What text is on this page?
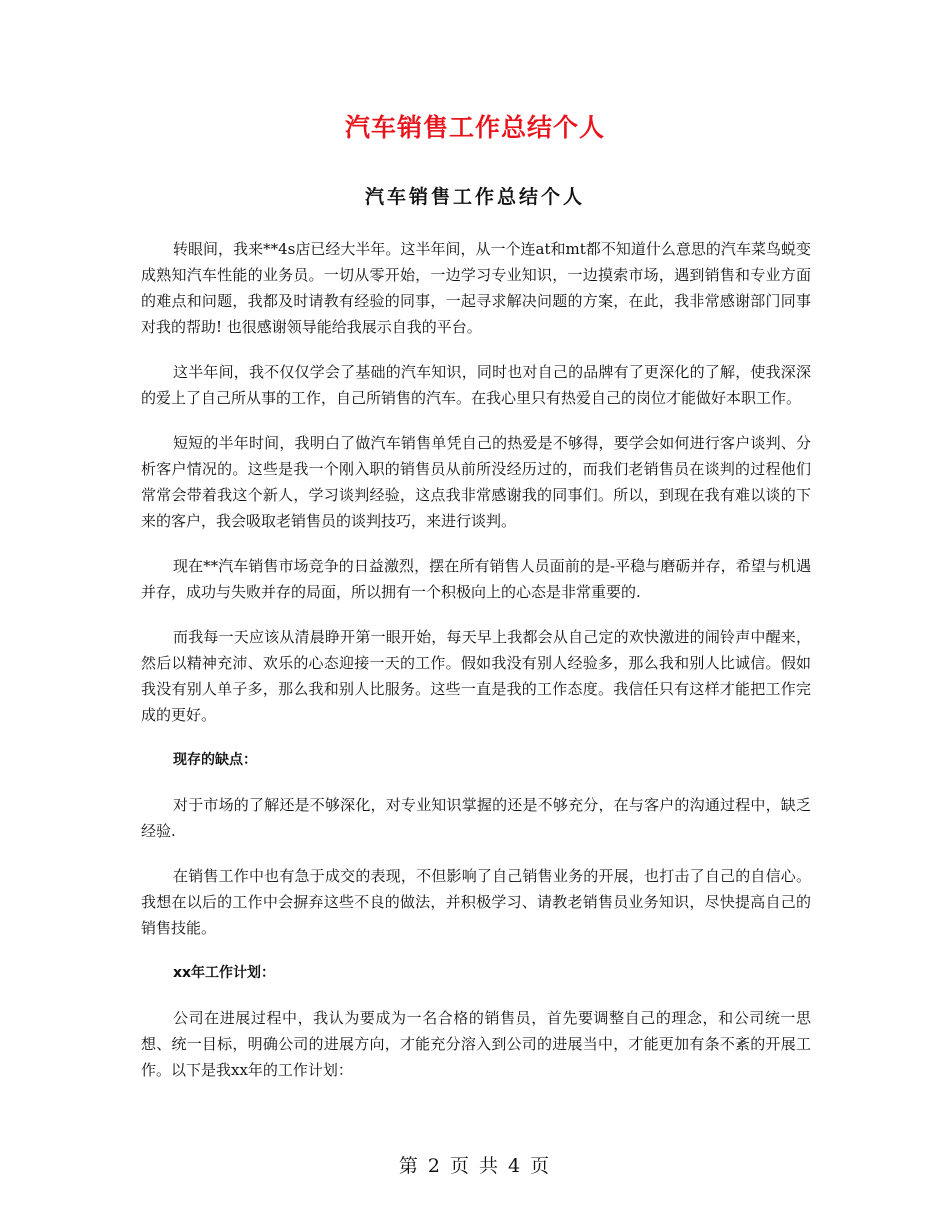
汽车销售工作总结个人
汽车销售工作总结个人

转眼间，我来**4s店已经大半年。这半年间，从一个连at和mt都不知道什么意思的汽车菜鸟蜕变成熟知汽车性能的业务员。一切从零开始，一边学习专业知识，一边摸索市场，遇到销售和专业方面的难点和问题，我都及时请教有经验的同事，一起寻求解决问题的方案，在此，我非常感谢部门同事对我的帮助! 也很感谢领导能给我展示自我的平台。

这半年间，我不仅仅学会了基础的汽车知识，同时也对自己的品牌有了更深化的了解，使我深深的爱上了自己所从事的工作，自己所销售的汽车。在我心里只有热爱自己的岗位才能做好本职工作。

短短的半年时间，我明白了做汽车销售单凭自己的热爱是不够得，要学会如何进行客户谈判、分析客户情况的。这些是我一个刚入职的销售员从前所没经历过的，而我们老销售员在谈判的过程他们常常会带着我这个新人，学习谈判经验，这点我非常感谢我的同事们。所以，到现在我有难以谈的下来的客户，我会吸取老销售员的谈判技巧，来进行谈判。

现在**汽车销售市场竞争的日益激烈，摆在所有销售人员面前的是-平稳与磨砺并存，希望与机遇并存，成功与失败并存的局面，所以拥有一个积极向上的心态是非常重要的.

而我每一天应该从清晨睁开第一眼开始，每天早上我都会从自己定的欢快激进的闹铃声中醒来，然后以精神充沛、欢乐的心态迎接一天的工作。假如我没有别人经验多，那么我和别人比诚信。假如我没有别人单子多，那么我和别人比服务。这些一直是我的工作态度。我信任只有这样才能把工作完成的更好。

现存的缺点：

对于市场的了解还是不够深化，对专业知识掌握的还是不够充分，在与客户的沟通过程中，缺乏经验.

在销售工作中也有急于成交的表现，不但影响了自己销售业务的开展，也打击了自己的自信心。我想在以后的工作中会摒弃这些不良的做法，并积极学习、请教老销售员业务知识，尽快提高自己的销售技能。

xx年工作计划：

公司在进展过程中，我认为要成为一名合格的销售员，首先要调整自己的理念，和公司统一思想、统一目标，明确公司的进展方向，才能充分溶入到公司的进展当中，才能更加有条不紊的开展工作。以下是我xx年的工作计划：

第 2 页 共 4 页
